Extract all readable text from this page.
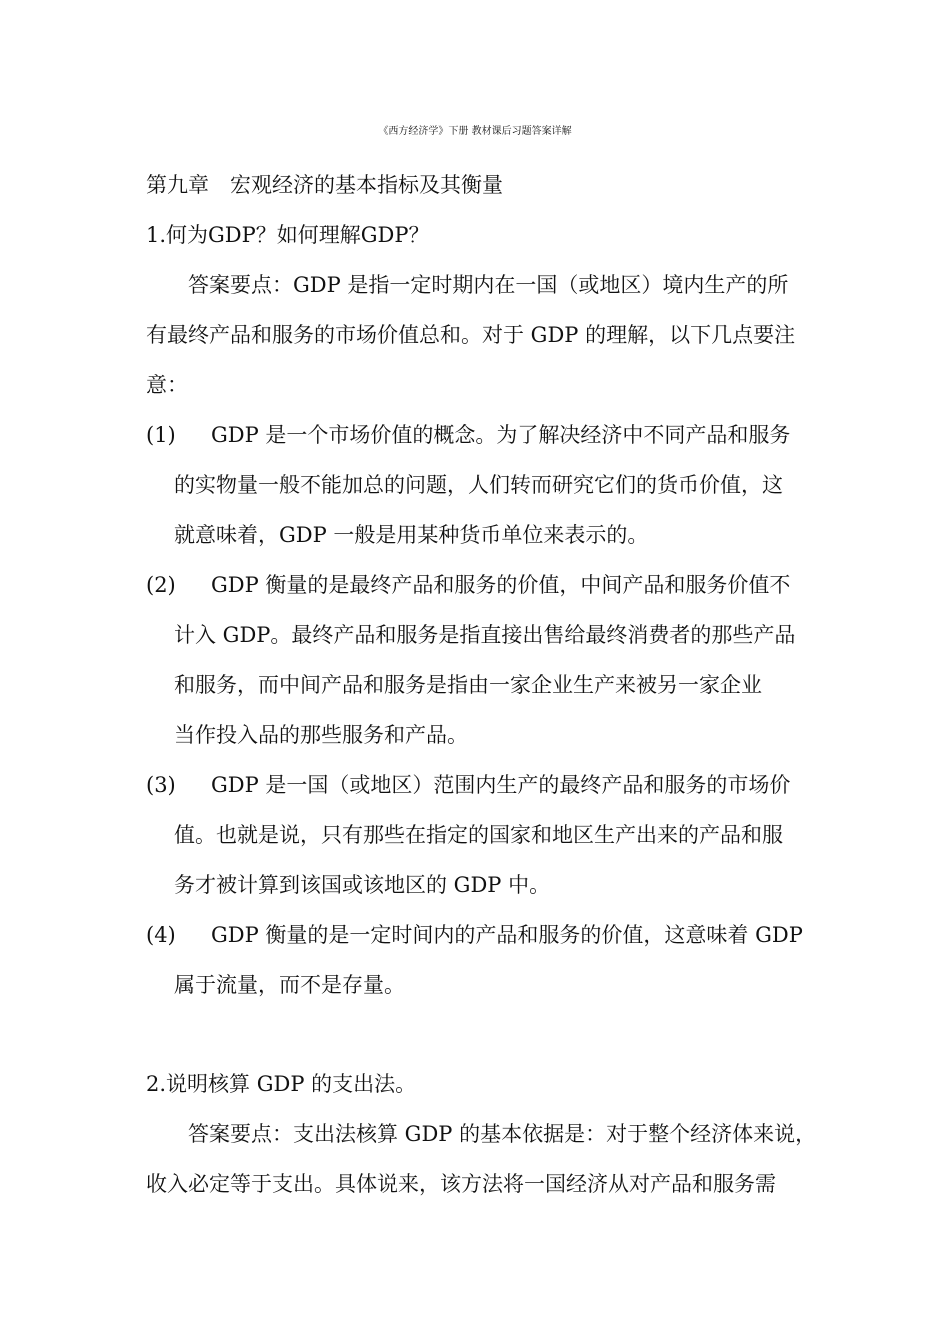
《西方经济学》下册 教材课后习题答案详解
第九章　宏观经济的基本指标及其衡量
1.何为GDP？如何理解GDP？
答案要点：GDP 是指一定时期内在一国（或地区）境内生产的所
有最终产品和服务的市场价值总和。对于 GDP 的理解，以下几点要注
意：
(1) GDP 是一个市场价值的概念。为了解决经济中不同产品和服务
的实物量一般不能加总的问题，人们转而研究它们的货币价值，这
就意味着，GDP 一般是用某种货币单位来表示的。
(2) GDP 衡量的是最终产品和服务的价值，中间产品和服务价值不
计入 GDP。最终产品和服务是指直接出售给最终消费者的那些产品
和服务，而中间产品和服务是指由一家企业生产来被另一家企业
当作投入品的那些服务和产品。
(3) GDP 是一国（或地区）范围内生产的最终产品和服务的市场价
值。也就是说，只有那些在指定的国家和地区生产出来的产品和服
务才被计算到该国或该地区的 GDP 中。
(4) GDP 衡量的是一定时间内的产品和服务的价值，这意味着 GDP
属于流量，而不是存量。
2.说明核算 GDP 的支出法。
答案要点：支出法核算 GDP 的基本依据是：对于整个经济体来说，
收入必定等于支出。具体说来，该方法将一国经济从对产品和服务需
